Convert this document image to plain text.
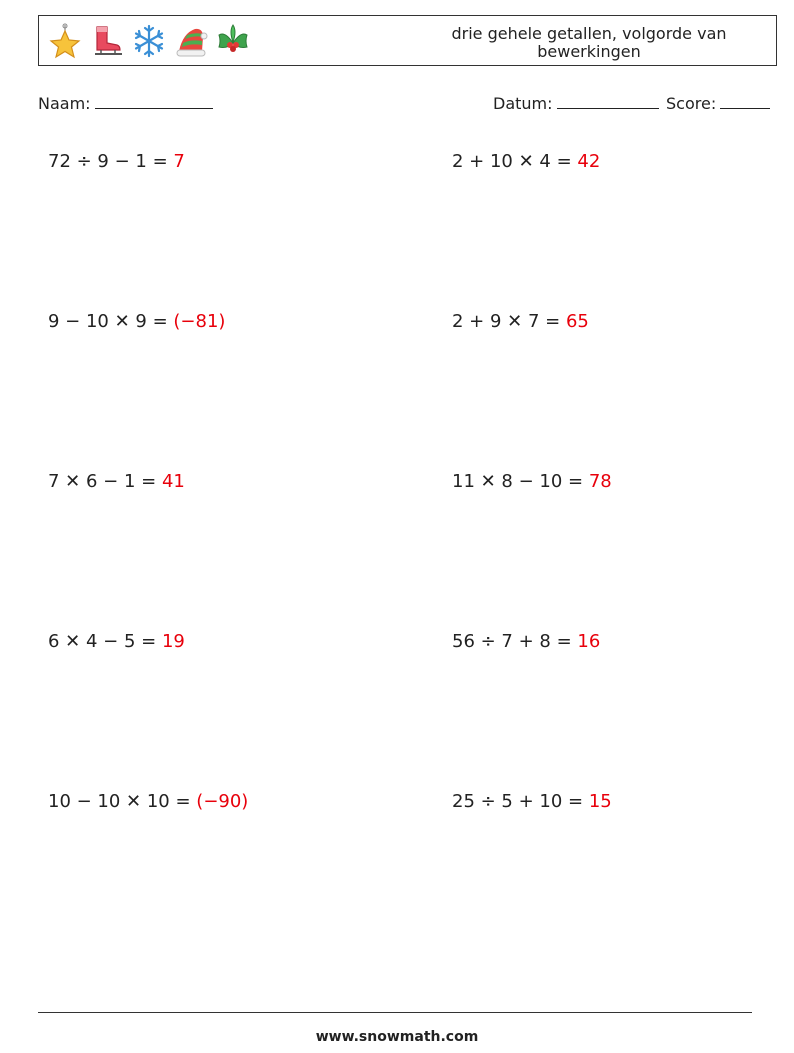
drie gehele getallen, volgorde van bewerkingen
Naam:	Datum:	Score:
72 ÷ 9 − 1 = 7	2 + 10 ✕ 4 = 42
9 − 10 ✕ 9 = (−81)	2 + 9 ✕ 7 = 65
7 ✕ 6 − 1 = 41	11 ✕ 8 − 10 = 78
6 ✕ 4 − 5 = 19	56 ÷ 7 + 8 = 16
10 − 10 ✕ 10 = (−90)	25 ÷ 5 + 10 = 15
www.snowmath.com
